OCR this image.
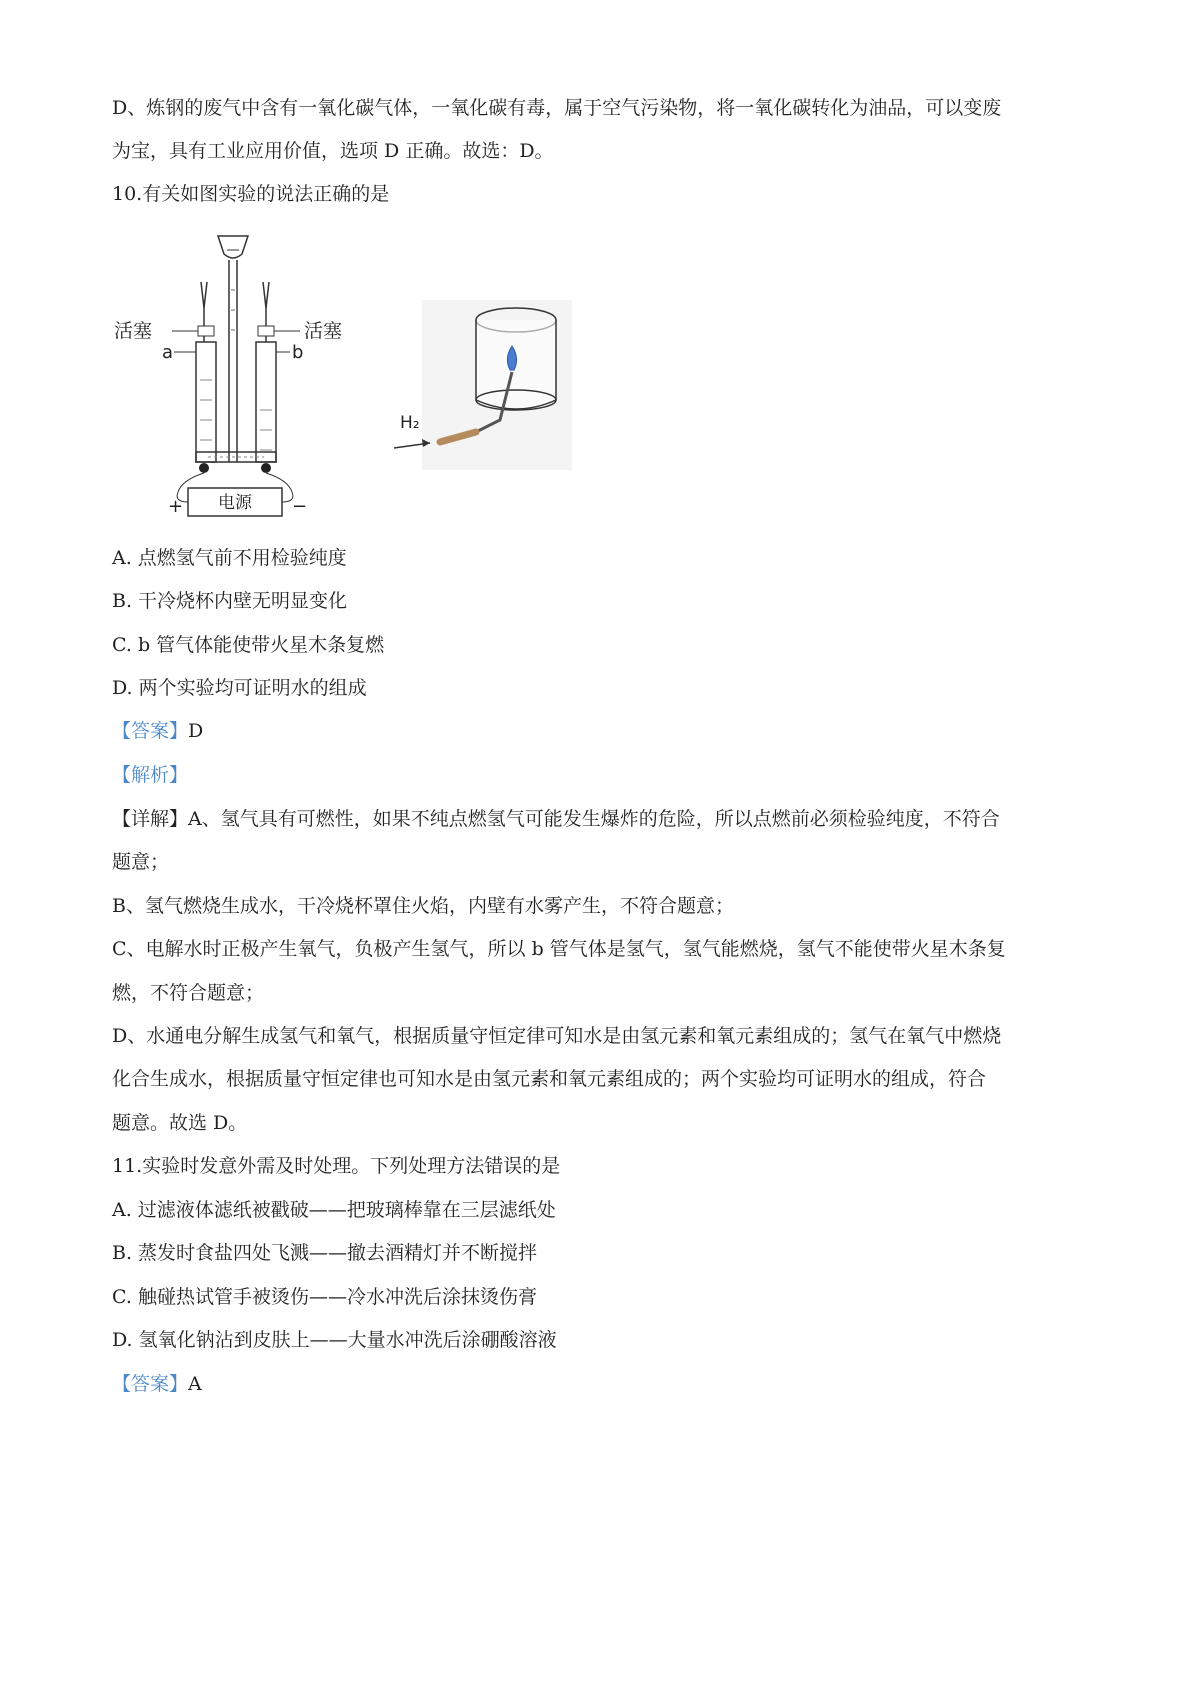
D、炼钢的废气中含有一氧化碳气体，一氧化碳有毒，属于空气污染物，将一氧化碳转化为油品，可以变废
为宝，具有工业应用价值，选项 D 正确。故选：D。
10.有关如图实验的说法正确的是
电源
+	−
活塞	活塞
a	b
H₂
A. 点燃氢气前不用检验纯度
B. 干冷烧杯内壁无明显变化
C. b 管气体能使带火星木条复燃
D. 两个实验均可证明水的组成
【答案】D
【解析】
【详解】A、氢气具有可燃性，如果不纯点燃氢气可能发生爆炸的危险，所以点燃前必须检验纯度，不符合
题意；
B、氢气燃烧生成水，干冷烧杯罩住火焰，内壁有水雾产生，不符合题意；
C、电解水时正极产生氧气，负极产生氢气，所以 b 管气体是氢气，氢气能燃烧，氢气不能使带火星木条复
燃，不符合题意；
D、水通电分解生成氢气和氧气，根据质量守恒定律可知水是由氢元素和氧元素组成的；氢气在氧气中燃烧
化合生成水，根据质量守恒定律也可知水是由氢元素和氧元素组成的；两个实验均可证明水的组成，符合
题意。故选 D。
11.实验时发意外需及时处理。下列处理方法错误的是
A. 过滤液体滤纸被戳破——把玻璃棒靠在三层滤纸处
B. 蒸发时食盐四处飞溅——撤去酒精灯并不断搅拌
C. 触碰热试管手被烫伤——冷水冲洗后涂抹烫伤膏
D. 氢氧化钠沾到皮肤上——大量水冲洗后涂硼酸溶液
【答案】A
